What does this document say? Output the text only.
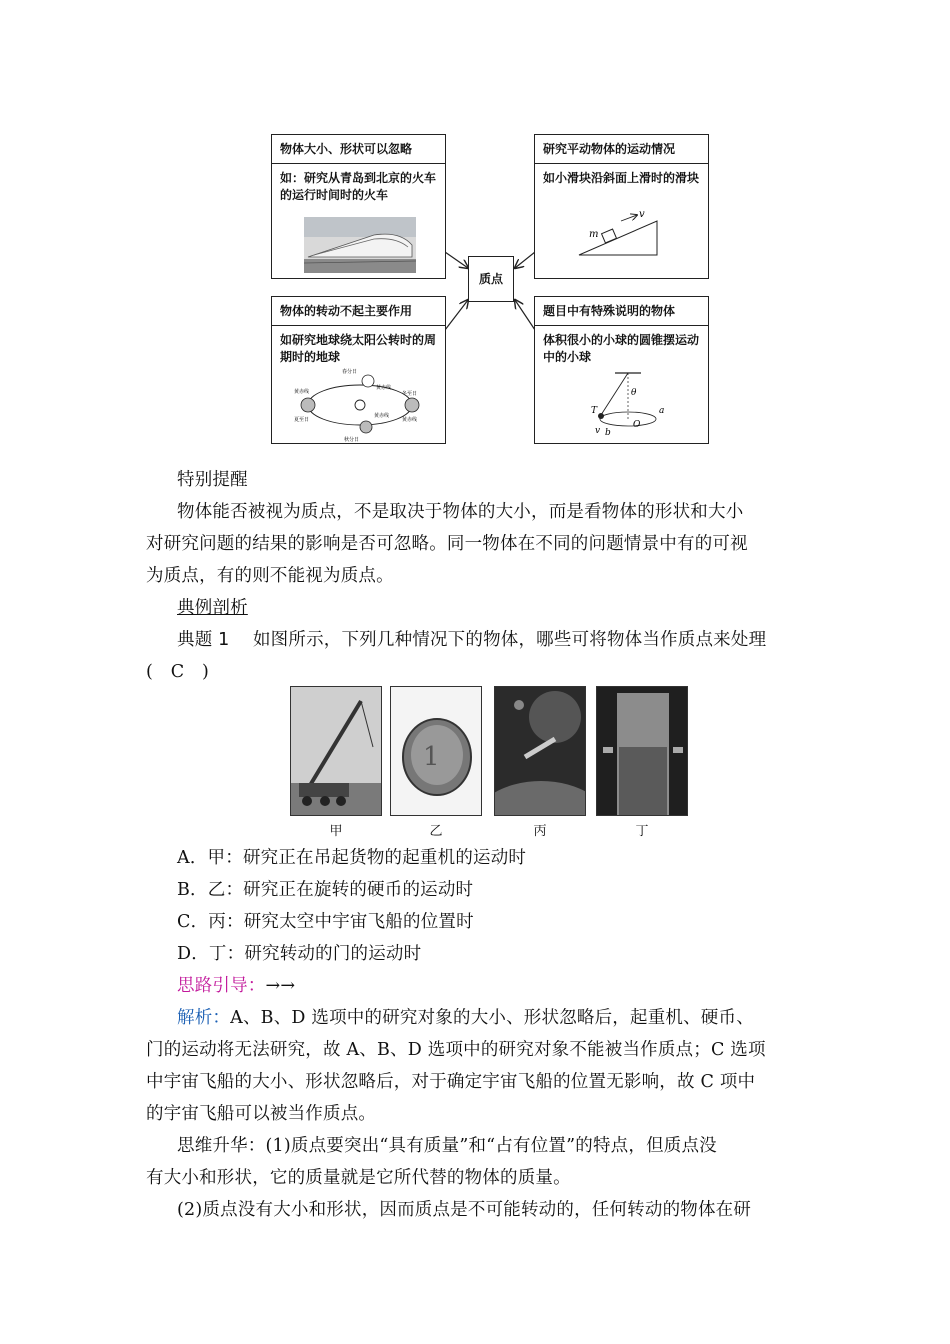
质点
物体大小、形状可以忽略
如：研究从青岛到北京的火车的运行时间时的火车
研究平动物体的运动情况
如小滑块沿斜面上滑时的滑块
m
v
物体的转动不起主要作用
如研究地球绕太阳公转时的周期时的地球
春分日
黄赤线
冬至日
黄赤线
夏至日
秋分日
黄赤线
黄赤线
题目中有特殊说明的物体
体积很小的小球的圆锥摆运动中的小球
θ
T	a
O
v b
特别提醒
物体能否被视为质点，不是取决于物体的大小，而是看物体的形状和大小
对研究问题的结果的影响是否可忽略。同一物体在不同的问题情景中有的可视
为质点，有的则不能视为质点。
典例剖析
典题 1　 如图所示，下列几种情况下的物体，哪些可将物体当作质点来处理
(　C　)
1
甲	乙	丙	丁
A．甲：研究正在吊起货物的起重机的运动时
B．乙：研究正在旋转的硬币的运动时
C．丙：研究太空中宇宙飞船的位置时
D．丁：研究转动的门的运动时
思路引导：→→
解析：A、B、D 选项中的研究对象的大小、形状忽略后，起重机、硬币、
门的运动将无法研究，故 A、B、D 选项中的研究对象不能被当作质点；C 选项
中宇宙飞船的大小、形状忽略后，对于确定宇宙飞船的位置无影响，故 C 项中
的宇宙飞船可以被当作质点。
思维升华：(1)质点要突出“具有质量”和“占有位置”的特点，但质点没
有大小和形状，它的质量就是它所代替的物体的质量。
(2)质点没有大小和形状，因而质点是不可能转动的，任何转动的物体在研
